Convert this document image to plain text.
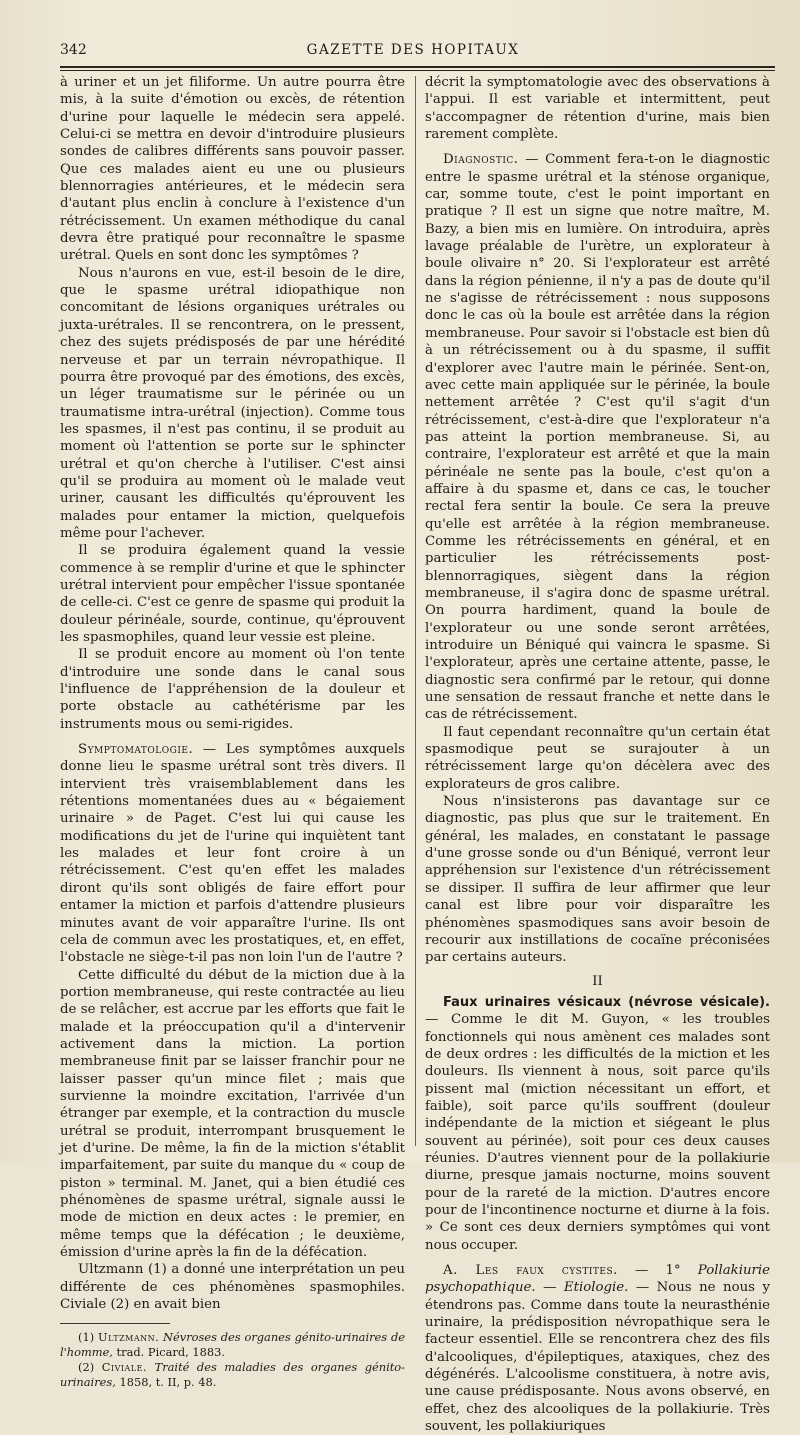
342	GAZETTE DES HOPITAUX

à uriner et un jet filiforme. Un autre pourra être mis, à la suite d'émotion ou excès, de rétention d'urine pour laquelle le médecin sera appelé. Celui-ci se mettra en devoir d'introduire plusieurs sondes de calibres différents sans pouvoir passer. Que ces malades aient eu une ou plusieurs blennorragies antérieures, et le médecin sera d'autant plus enclin à conclure à l'existence d'un rétrécissement. Un examen méthodique du canal devra être pratiqué pour reconnaître le spasme urétral. Quels en sont donc les symptômes ?

Nous n'aurons en vue, est-il besoin de le dire, que le spasme urétral idiopathique non concomitant de lésions organiques urétrales ou juxta-urétrales. Il se rencontrera, on le pressent, chez des sujets prédisposés de par une hérédité nerveuse et par un terrain névropathique. Il pourra être provoqué par des émotions, des excès, un léger traumatisme sur le périnée ou un traumatisme intra-urétral (injection). Comme tous les spasmes, il n'est pas continu, il se produit au moment où l'attention se porte sur le sphincter urétral et qu'on cherche à l'utiliser. C'est ainsi qu'il se produira au moment où le malade veut uriner, causant les difficultés qu'éprouvent les malades pour entamer la miction, quelquefois même pour l'achever.

Il se produira également quand la vessie commence à se remplir d'urine et que le sphincter urétral intervient pour empêcher l'issue spontanée de celle-ci. C'est ce genre de spasme qui produit la douleur périnéale, sourde, continue, qu'éprouvent les spasmophiles, quand leur vessie est pleine.

Il se produit encore au moment où l'on tente d'introduire une sonde dans le canal sous l'influence de l'appréhension de la douleur et porte obstacle au cathétérisme par les instruments mous ou semi-rigides.

Symptomatologie. — Les symptômes auxquels donne lieu le spasme urétral sont très divers. Il intervient très vraisemblablement dans les rétentions momentanées dues au « bégaiement urinaire » de Paget. C'est lui qui cause les modifications du jet de l'urine qui inquiètent tant les malades et leur font croire à un rétrécissement. C'est qu'en effet les malades diront qu'ils sont obligés de faire effort pour entamer la miction et parfois d'attendre plusieurs minutes avant de voir apparaître l'urine. Ils ont cela de commun avec les prostatiques, et, en effet, l'obstacle ne siège-t-il pas non loin l'un de l'autre ?

Cette difficulté du début de la miction due à la portion membraneuse, qui reste contractée au lieu de se relâcher, est accrue par les efforts que fait le malade et la préoccupation qu'il a d'intervenir activement dans la miction. La portion membraneuse finit par se laisser franchir pour ne laisser passer qu'un mince filet ; mais que survienne la moindre excitation, l'arrivée d'un étranger par exemple, et la contraction du muscle urétral se produit, interrompant brusquement le jet d'urine. De même, la fin de la miction s'établit imparfaitement, par suite du manque du « coup de piston » terminal. M. Janet, qui a bien étudié ces phénomènes de spasme urétral, signale aussi le mode de miction en deux actes : le premier, en même temps que la défécation ; le deuxième, émission d'urine après la fin de la défécation.

Ultzmann (1) a donné une interprétation un peu différente de ces phénomènes spasmophiles. Civiale (2) en avait bien

(1) Ultzmann. Névroses des organes génito-urinaires de l'homme, trad. Picard, 1883.

(2) Civiale. Traité des maladies des organes génito-urinaires, 1858, t. II, p. 48.

décrit la symptomatologie avec des observations à l'appui. Il est variable et intermittent, peut s'accompagner de rétention d'urine, mais bien rarement complète.

Diagnostic. — Comment fera-t-on le diagnostic entre le spasme urétral et la sténose organique, car, somme toute, c'est le point important en pratique ? Il est un signe que notre maître, M. Bazy, a bien mis en lumière. On introduira, après lavage préalable de l'urètre, un explorateur à boule olivaire n° 20. Si l'explorateur est arrêté dans la région pénienne, il n'y a pas de doute qu'il ne s'agisse de rétrécissement : nous supposons donc le cas où la boule est arrêtée dans la région membraneuse. Pour savoir si l'obstacle est bien dû à un rétrécissement ou à du spasme, il suffit d'explorer avec l'autre main le périnée. Sent-on, avec cette main appliquée sur le périnée, la boule nettement arrêtée ? C'est qu'il s'agit d'un rétrécissement, c'est-à-dire que l'explorateur n'a pas atteint la portion membraneuse. Si, au contraire, l'explorateur est arrêté et que la main périnéale ne sente pas la boule, c'est qu'on a affaire à du spasme et, dans ce cas, le toucher rectal fera sentir la boule. Ce sera la preuve qu'elle est arrêtée à la région membraneuse. Comme les rétrécissements en général, et en particulier les rétrécissements post-blennorragiques, siègent dans la région membraneuse, il s'agira donc de spasme urétral. On pourra hardiment, quand la boule de l'explorateur ou une sonde seront arrêtées, introduire un Béniqué qui vaincra le spasme. Si l'explorateur, après une certaine attente, passe, le diagnostic sera confirmé par le retour, qui donne une sensation de ressaut franche et nette dans le cas de rétrécissement.

Il faut cependant reconnaître qu'un certain état spasmodique peut se surajouter à un rétrécissement large qu'on décèlera avec des explorateurs de gros calibre.

Nous n'insisterons pas davantage sur ce diagnostic, pas plus que sur le traitement. En général, les malades, en constatant le passage d'une grosse sonde ou d'un Béniqué, verront leur appréhension sur l'existence d'un rétrécissement se dissiper. Il suffira de leur affirmer que leur canal est libre pour voir disparaître les phénomènes spasmodiques sans avoir besoin de recourir aux instillations de cocaïne préconisées par certains auteurs.

II

Faux urinaires vésicaux (névrose vésicale). — Comme le dit M. Guyon, « les troubles fonctionnels qui nous amènent ces malades sont de deux ordres : les difficultés de la miction et les douleurs. Ils viennent à nous, soit parce qu'ils pissent mal (miction nécessitant un effort, et faible), soit parce qu'ils souffrent (douleur indépendante de la miction et siégeant le plus souvent au périnée), soit pour ces deux causes réunies. D'autres viennent pour de la pollakiurie diurne, presque jamais nocturne, moins souvent pour de la rareté de la miction. D'autres encore pour de l'incontinence nocturne et diurne à la fois. » Ce sont ces deux derniers symptômes qui vont nous occuper.

A. Les faux cystites. — 1° Pollakiurie psychopathique. — Etiologie. — Nous ne nous y étendrons pas. Comme dans toute la neurasthénie urinaire, la prédisposition névropathique sera le facteur essentiel. Elle se rencontrera chez des fils d'alcooliques, d'épileptiques, ataxiques, chez des dégénérés. L'alcoolisme constituera, à notre avis, une cause prédisposante. Nous avons observé, en effet, chez des alcooliques de la pollakiurie. Très souvent, les pollakiuriques
